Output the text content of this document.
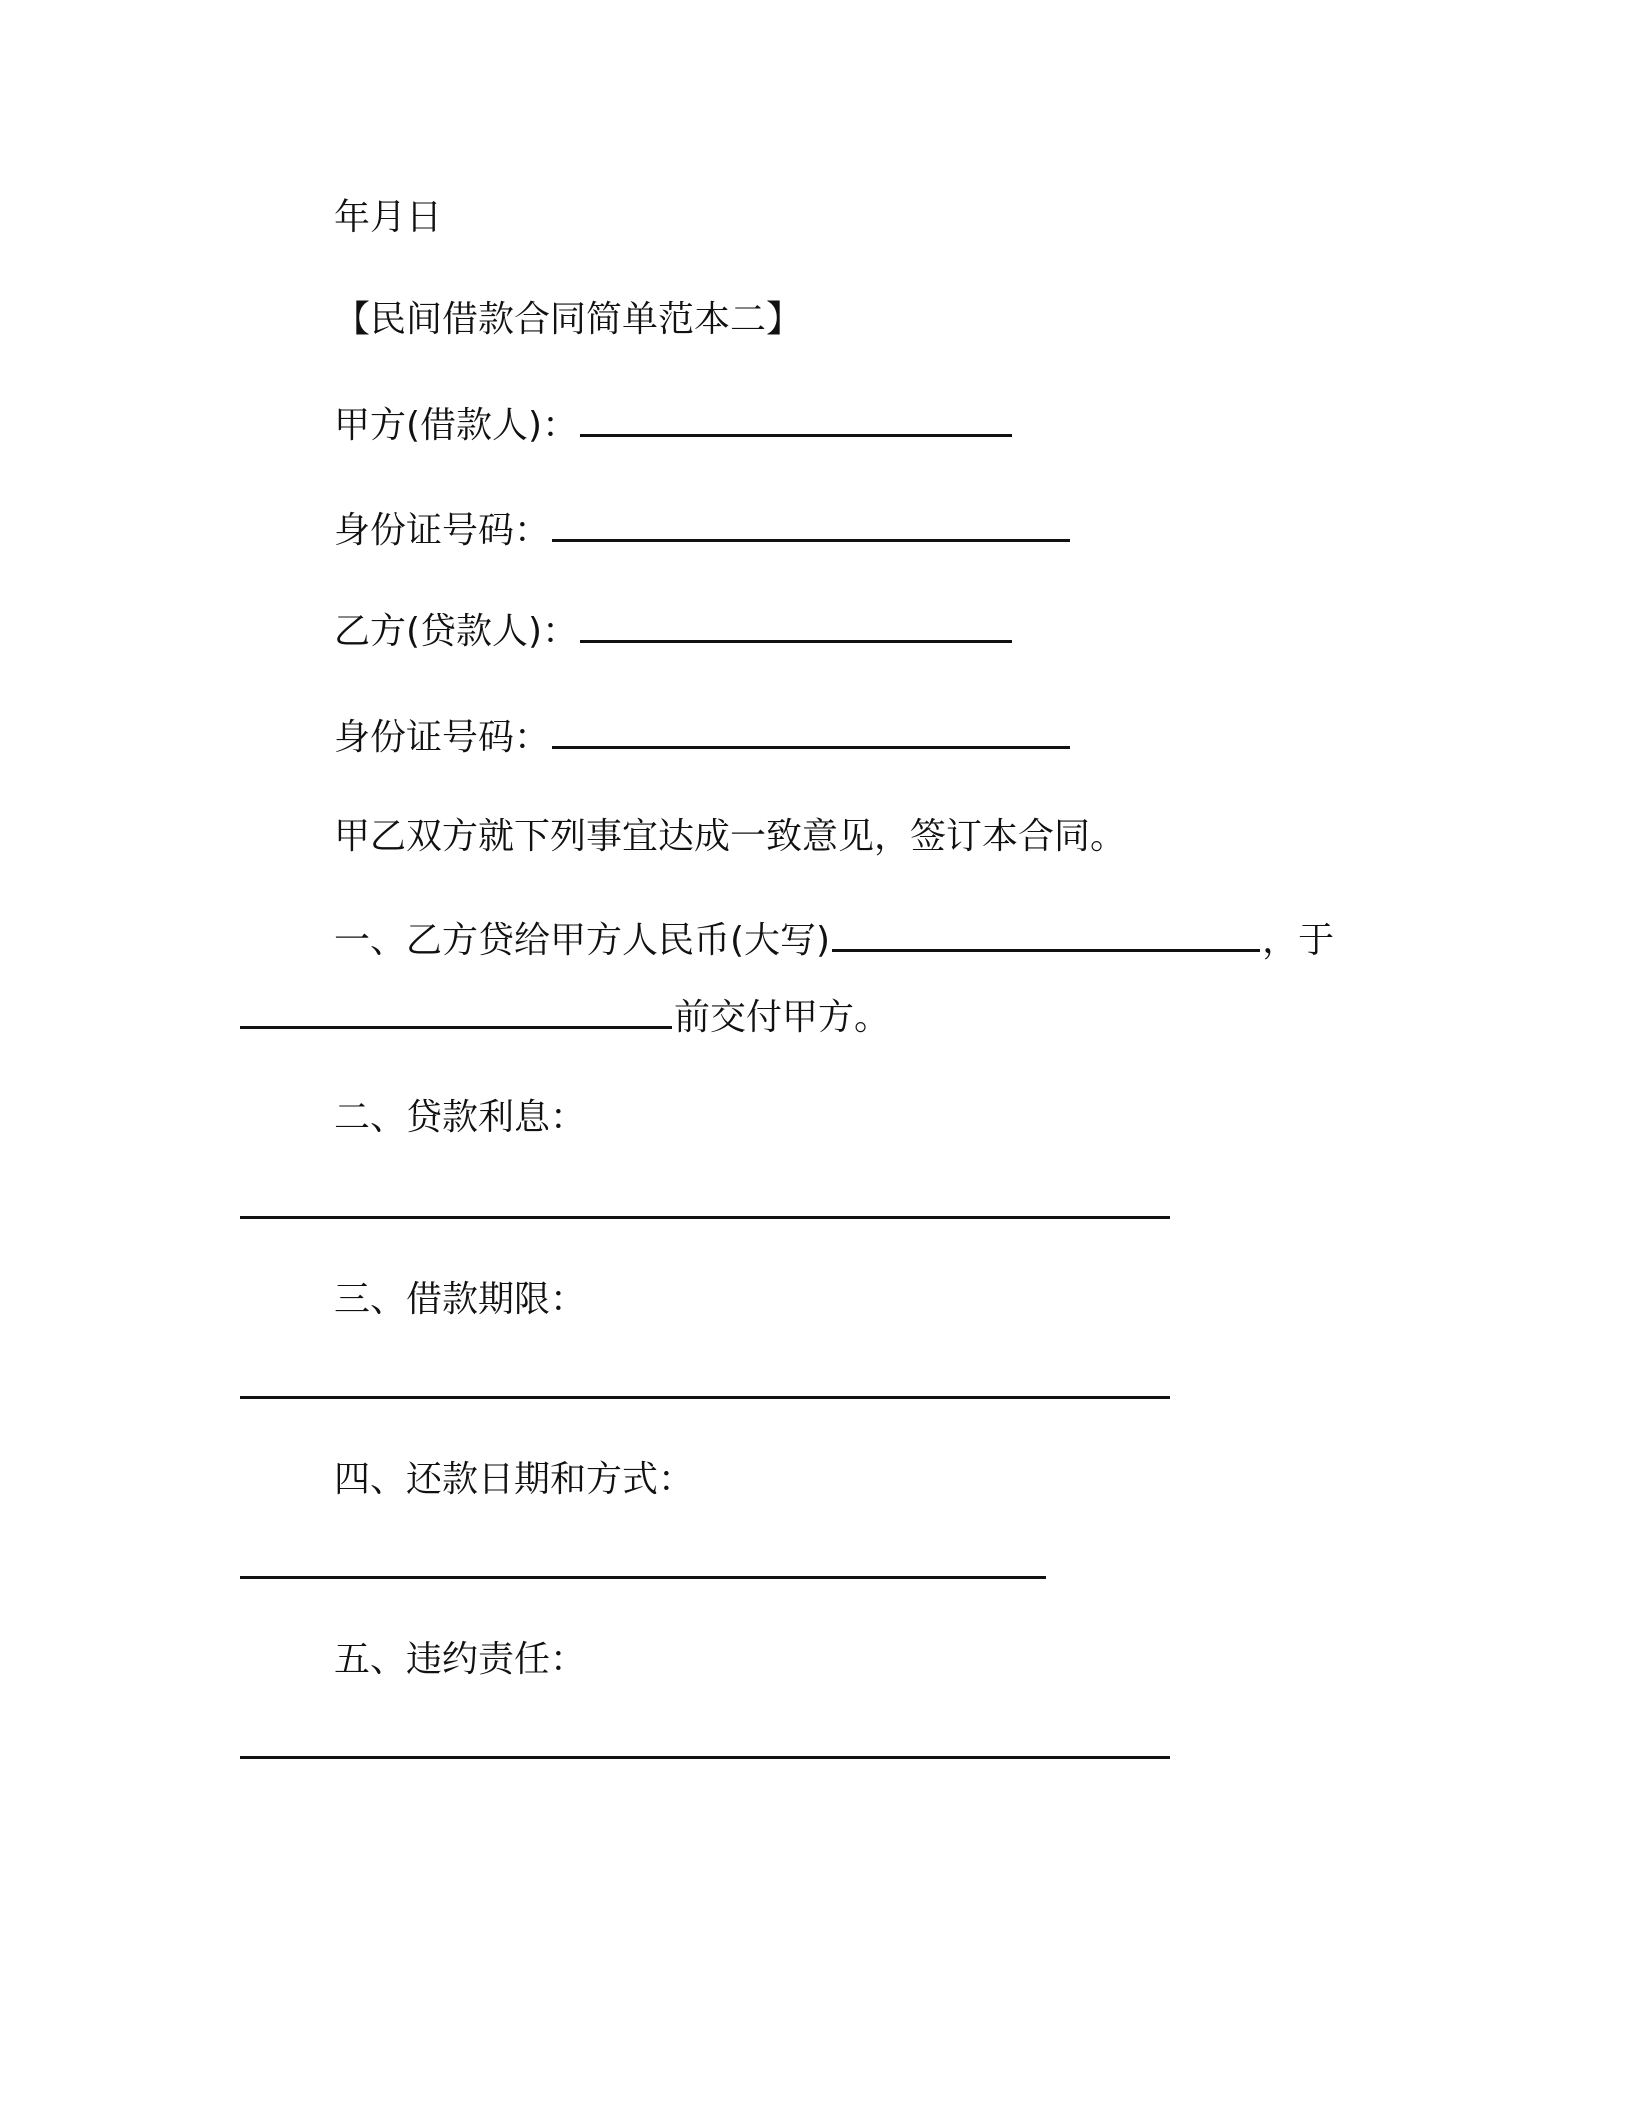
年月日
【民间借款合同简单范本二】
甲方(借款人)：
身份证号码：
乙方(贷款人)：
身份证号码：
甲乙双方就下列事宜达成一致意见，签订本合同。
一、乙方贷给甲方人民币(大写)	，于
前交付甲方。
二、贷款利息：
三、借款期限：
四、还款日期和方式：
五、违约责任：
